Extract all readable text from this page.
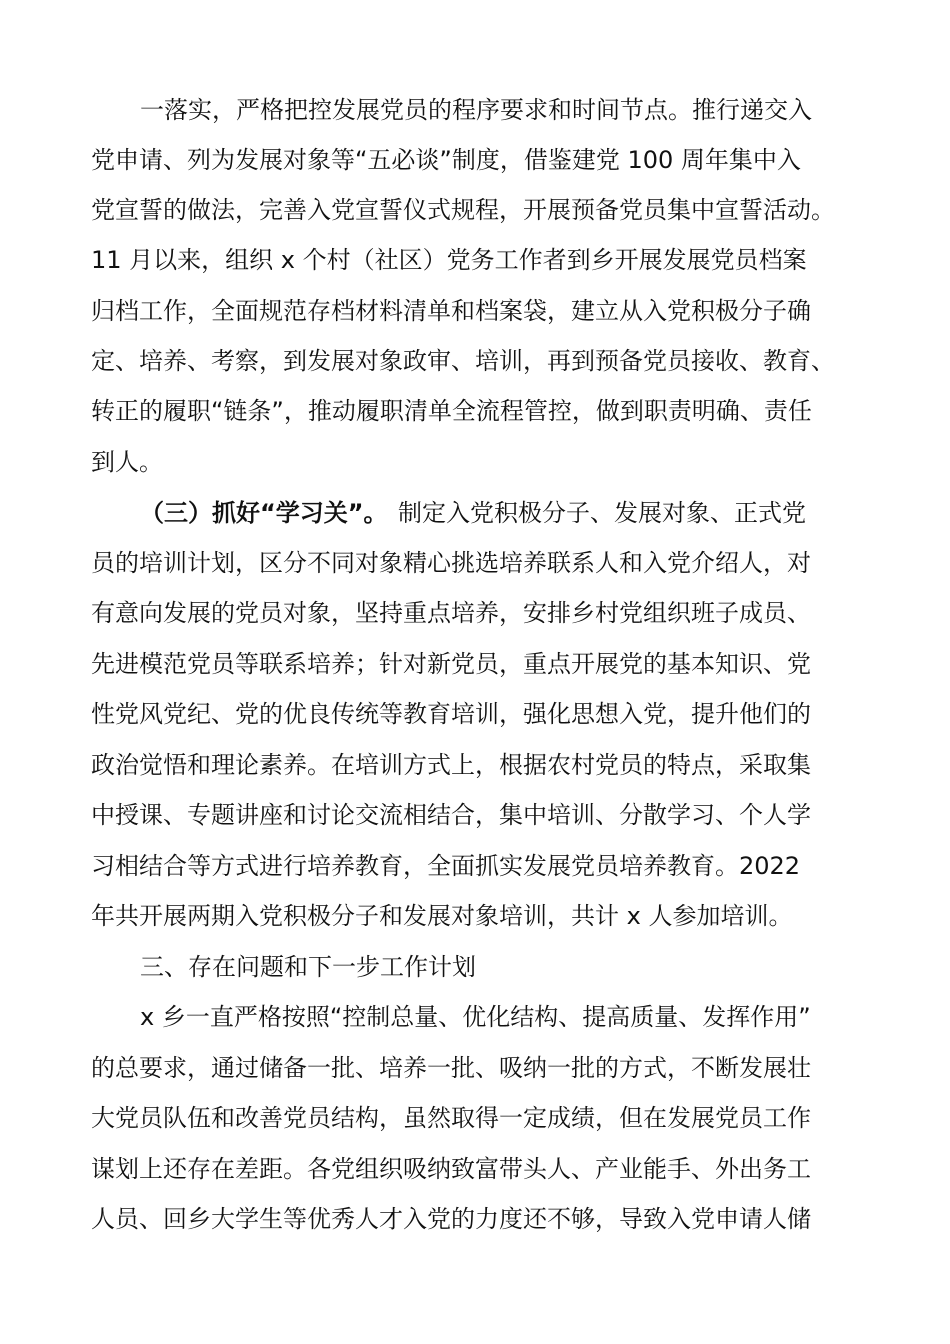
一落实，严格把控发展党员的程序要求和时间节点。推行递交入
党申请、列为发展对象等“五必谈”制度，借鉴建党 100 周年集中入
党宣誓的做法，完善入党宣誓仪式规程，开展预备党员集中宣誓活动。
11 月以来，组织 x 个村（社区）党务工作者到乡开展发展党员档案
归档工作，全面规范存档材料清单和档案袋，建立从入党积极分子确
定、培养、考察，到发展对象政审、培训，再到预备党员接收、教育、
转正的履职“链条”，推动履职清单全流程管控，做到职责明确、责任
到人。
（三）抓好“学习关”。 制定入党积极分子、发展对象、正式党
员的培训计划，区分不同对象精心挑选培养联系人和入党介绍人，对
有意向发展的党员对象，坚持重点培养，安排乡村党组织班子成员、
先进模范党员等联系培养；针对新党员，重点开展党的基本知识、党
性党风党纪、党的优良传统等教育培训，强化思想入党，提升他们的
政治觉悟和理论素养。在培训方式上，根据农村党员的特点，采取集
中授课、专题讲座和讨论交流相结合，集中培训、分散学习、个人学
习相结合等方式进行培养教育，全面抓实发展党员培养教育。2022
年共开展两期入党积极分子和发展对象培训，共计 x 人参加培训。
三、存在问题和下一步工作计划
x 乡一直严格按照“控制总量、优化结构、提高质量、发挥作用”
的总要求，通过储备一批、培养一批、吸纳一批的方式，不断发展壮
大党员队伍和改善党员结构，虽然取得一定成绩，但在发展党员工作
谋划上还存在差距。各党组织吸纳致富带头人、产业能手、外出务工
人员、回乡大学生等优秀人才入党的力度还不够，导致入党申请人储
